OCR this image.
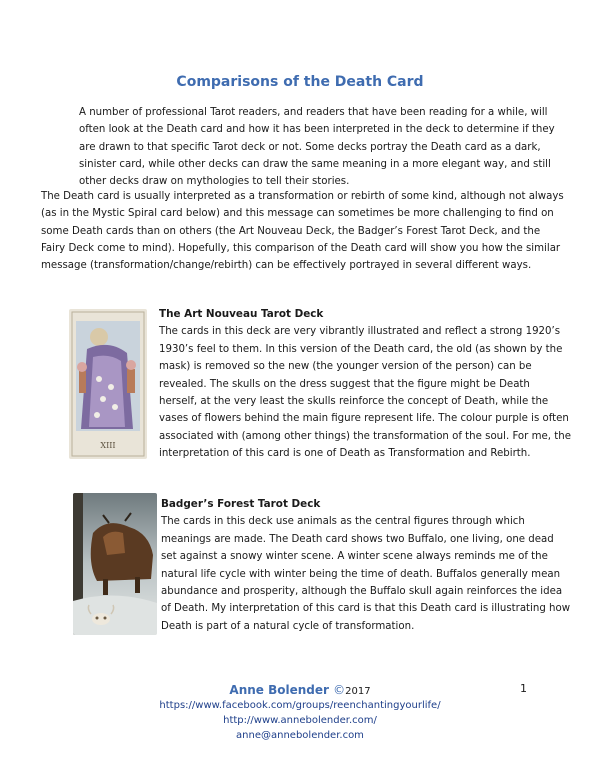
Comparisons of the Death Card

A number of professional Tarot readers, and readers that have been reading for a while, will often look at the Death card and how it has been interpreted in the deck to determine if they are drawn to that specific Tarot deck or not. Some decks portray the Death card as a dark, sinister card, while other decks can draw the same meaning in a more elegant way, and still other decks draw on mythologies to tell their stories.

The Death card is usually interpreted as a transformation or rebirth of some kind, although not always (as in the Mystic Spiral card below) and this message can sometimes be more challenging to find on some Death cards than on others (the Art Nouveau Deck, the Badger’s Forest Tarot Deck, and the Fairy Deck come to mind). Hopefully, this comparison of the Death card will show you how the similar message (transformation/change/rebirth) can be effectively portrayed in several different ways.

XIII
The Art Nouveau Tarot Deck
The cards in this deck are very vibrantly illustrated and reflect a strong 1920’s 1930’s feel to them. In this version of the Death card, the old (as shown by the mask) is removed so the new (the younger version of the person) can be revealed. The skulls on the dress suggest that the figure might be Death herself, at the very least the skulls reinforce the concept of Death, while the vases of flowers behind the main figure represent life. The colour purple is often associated with (among other things) the transformation of the soul. For me, the interpretation of this card is one of Death as Transformation and Rebirth.
Badger’s Forest Tarot Deck
The cards in this deck use animals as the central figures through which meanings are made. The Death card shows two Buffalo, one living, one dead set against a snowy winter scene. A winter scene always reminds me of the natural life cycle with winter being the time of death. Buffalos generally mean abundance and prosperity, although the Buffalo skull again reinforces the idea of Death. My interpretation of this card is that this Death card is illustrating how Death is part of a natural cycle of transformation.
Anne Bolender ©2017
https://www.facebook.com/groups/reenchantingyourlife/
http://www.annebolender.com/
anne@annebolender.com
1
